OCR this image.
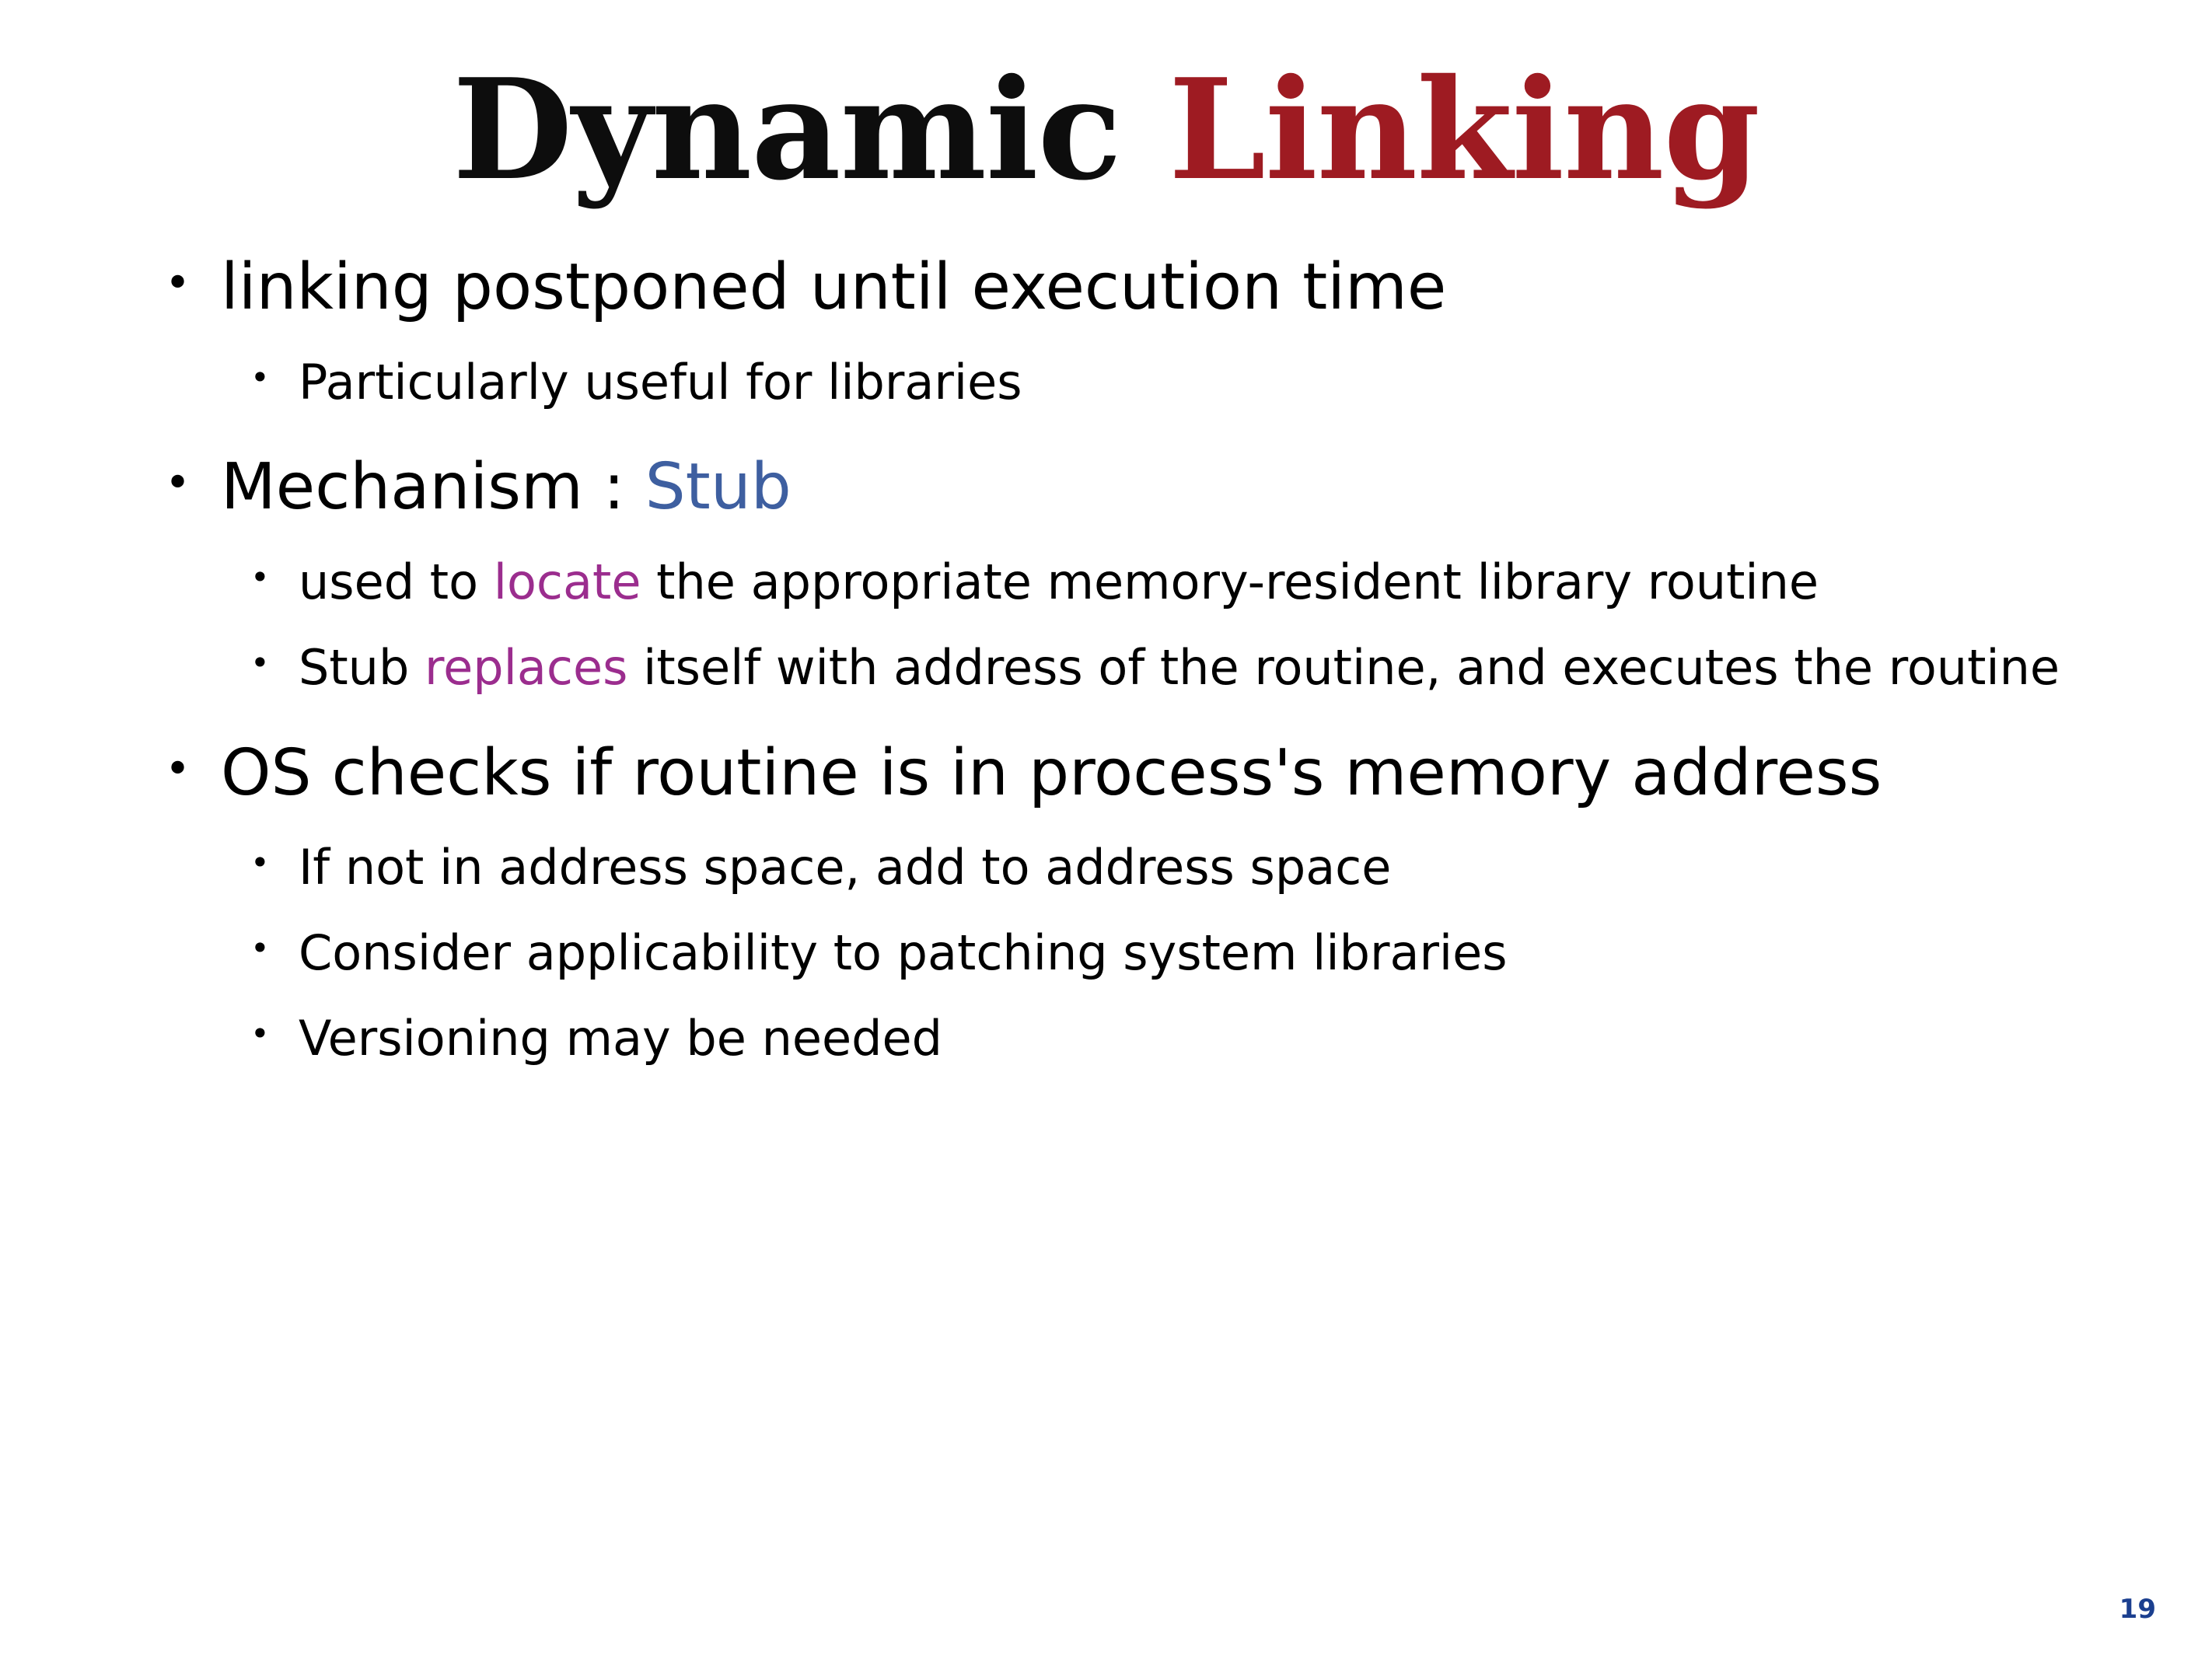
Dynamic Linking
• linking postponed until execution time
• Particularly useful for libraries
• Mechanism : Stub
• used to locate the appropriate memory-resident library routine
• Stub replaces itself with address of the routine, and executes the routine
• OS checks if routine is in process's memory address
• If not in address space, add to address space
• Consider applicability to patching system libraries
• Versioning may be needed
19
